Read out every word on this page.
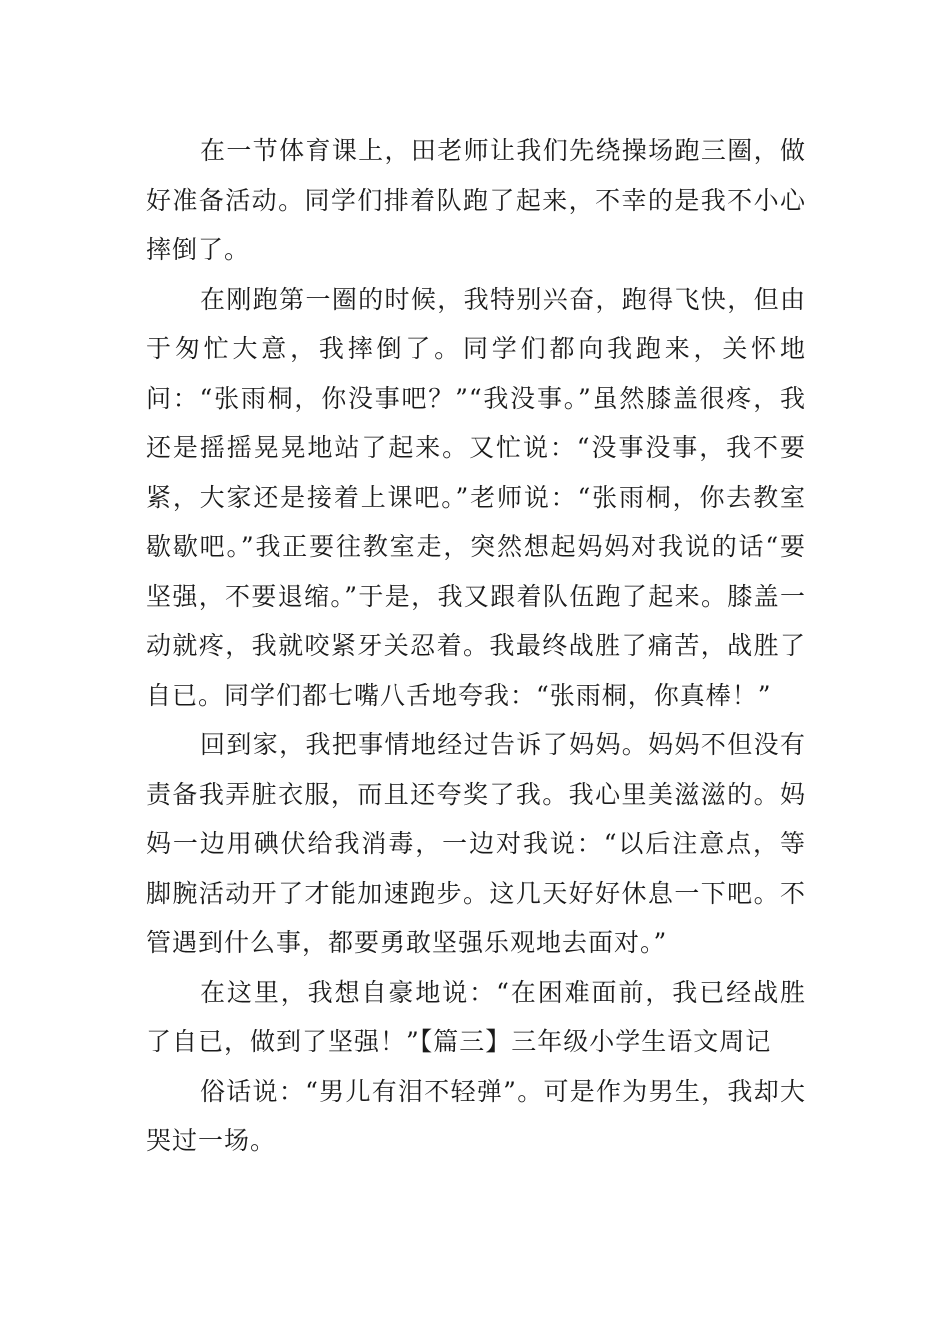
在一节体育课上，田老师让我们先绕操场跑三圈，做好准备活动。同学们排着队跑了起来，不幸的是我不小心摔倒了。

在刚跑第一圈的时候，我特别兴奋，跑得飞快，但由于匆忙大意，我摔倒了。同学们都向我跑来，关怀地问：“张雨桐，你没事吧？”“我没事。”虽然膝盖很疼，我还是摇摇晃晃地站了起来。又忙说：“没事没事，我不要紧，大家还是接着上课吧。”老师说：“张雨桐，你去教室歇歇吧。”我正要往教室走，突然想起妈妈对我说的话“要坚强，不要退缩。”于是，我又跟着队伍跑了起来。膝盖一动就疼，我就咬紧牙关忍着。我最终战胜了痛苦，战胜了自已。同学们都七嘴八舌地夸我：“张雨桐，你真棒！”

回到家，我把事情地经过告诉了妈妈。妈妈不但没有责备我弄脏衣服，而且还夸奖了我。我心里美滋滋的。妈妈一边用碘伏给我消毒，一边对我说：“以后注意点，等脚腕活动开了才能加速跑步。这几天好好休息一下吧。不管遇到什么事，都要勇敢坚强乐观地去面对。”

在这里，我想自豪地说：“在困难面前，我已经战胜了自已，做到了坚强！”【篇三】三年级小学生语文周记

俗话说：“男儿有泪不轻弹”。可是作为男生，我却大哭过一场。
